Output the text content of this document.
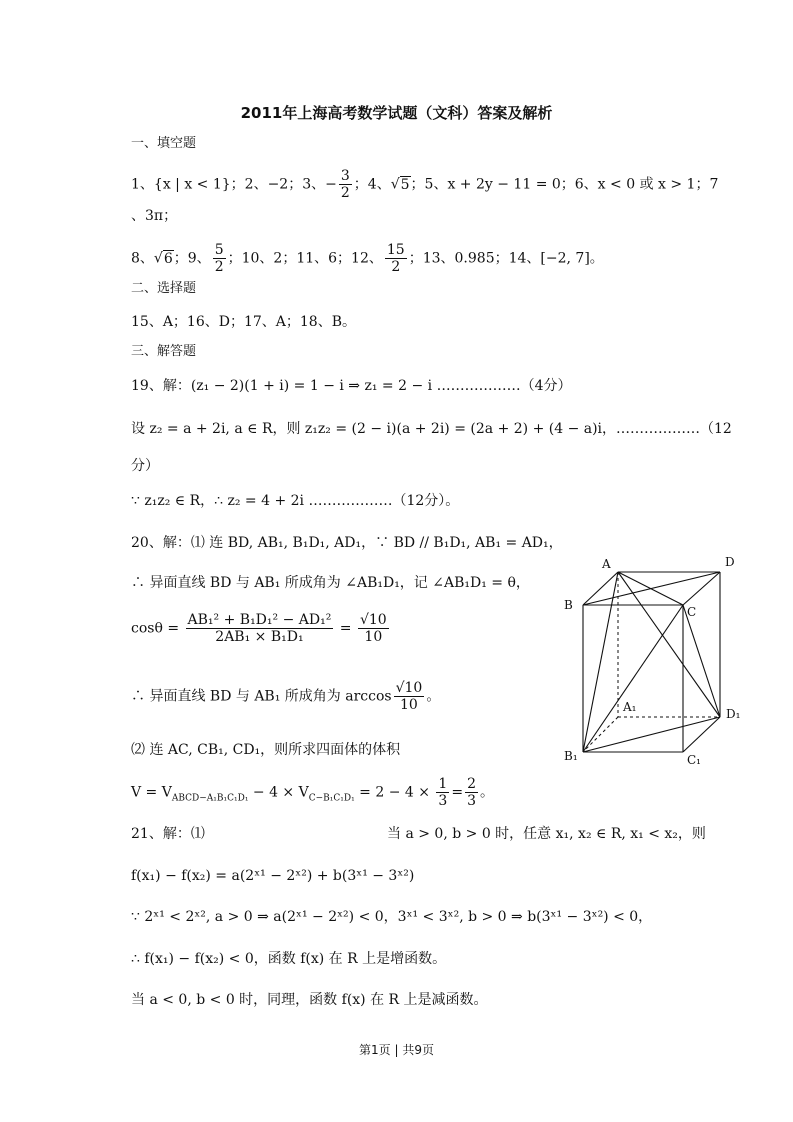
2011年上海高考数学试题（文科）答案及解析
一、填空题
1、{x | x < 1}；2、−2；3、− $\frac{3}{2}$ ；4、√5；5、x + 2y − 11 = 0；6、x < 0 或 x > 1；7
、3π；
8、√6；9、 $\frac{5}{2}$ ；10、2；11、6；12、 $\frac{15}{2}$ ；13、0.985；14、[−2, 7]。
二、选择题
15、A；16、D；17、A；18、B。
三、解答题
19、解：(z₁ − 2)(1 + i) = 1 − i ⇒ z₁ = 2 − i ………………（4分）
设 z₂ = a + 2i, a ∈ R，则 z₁z₂ = (2 − i)(a + 2i) = (2a + 2) + (4 − a)i，………………（12
分）
∵ z₁z₂ ∈ R，∴ z₂ = 4 + 2i ………………（12分）。
20、解：⑴ 连 BD, AB₁, B₁D₁, AD₁，∵ BD // B₁D₁, AB₁ = AD₁，
∴ 异面直线 BD 与 AB₁ 所成角为 ∠AB₁D₁，记 ∠AB₁D₁ = θ，
$\cos\theta = \frac{\text{AB₁² + B₁D₁² − AD₁²}}{\text{2AB₁ × B₁D₁}} = \frac{√10}{10}$
∴ 异面直线 BD 与 AB₁ 所成角为 $\arccos \frac{√10}{10}$ 。
⑵ 连 AC, CB₁, CD₁，则所求四面体的体积
$V = V_{ABCD-A_1B_1C_1D_1} - 4 \times V_{C-B_1C_1D_1} = 2 - 4 \times \frac{1}{3} = \frac{2}{3}$ 。
21、解：⑴	当 a > 0, b > 0 时，任意 x₁, x₂ ∈ R, x₁ < x₂，则
f(x₁) − f(x₂) = a(2ˣ¹ − 2ˣ²) + b(3ˣ¹ − 3ˣ²)
∵ 2ˣ¹ < 2ˣ², a > 0 ⇒ a(2ˣ¹ − 2ˣ²) < 0，3ˣ¹ < 3ˣ², b > 0 ⇒ b(3ˣ¹ − 3ˣ²) < 0，
∴ f(x₁) − f(x₂) < 0，函数 f(x) 在 R 上是增函数。
当 a < 0, b < 0 时，同理，函数 f(x) 在 R 上是减函数。
A	D
B	C
A₁	D₁
B₁	C₁
第1页 | 共9页
